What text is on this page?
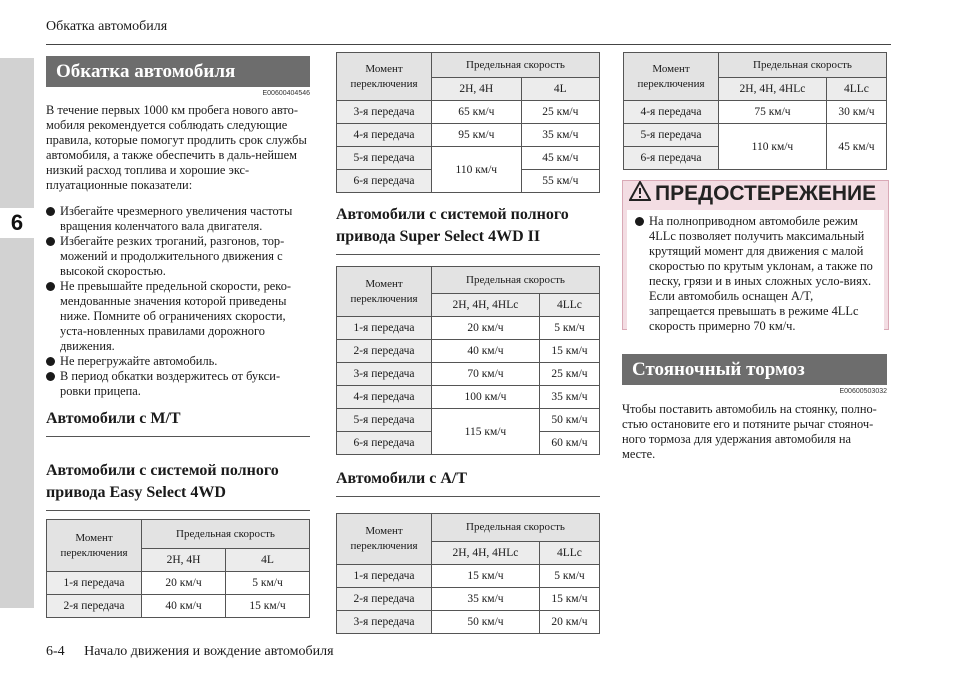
Обкатка автомобиля
6
Обкатка автомобиля
E00600404546
В течение первых 1000 км пробега нового авто-мобиля рекомендуется соблюдать следующие правила, которые помогут продлить срок службы автомобиля, а также обеспечить в даль-нейшем низкий расход топлива и хорошие экс-плуатационные показатели:
Избегайте чрезмерного увеличения частоты вращения коленчатого вала двигателя.
Избегайте резких троганий, разгонов, тор-можений и продолжительного движения с высокой скоростью.
Не превышайте предельной скорости, реко-мендованные значения которой приведены ниже. Помните об ограничениях скорости, уста-новленных правилами дорожного движения.
Не перегружайте автомобиль.
В период обкатки воздержитесь от букси-ровки прицепа.
Автомобили с M/T
Автомобили с системой полного привода Easy Select 4WD
Момент переключения	Предельная скорость	
	2H, 4H	4L
1-я передача	20 км/ч	5 км/ч
2-я передача	40 км/ч	15 км/ч
Момент переключения	Предельная скорость	
	2H, 4H	4L
3-я передача	65 км/ч	25 км/ч
4-я передача	95 км/ч	35 км/ч
5-я передача	110 км/ч	45 км/ч
6-я передача		55 км/ч
Автомобили с системой полного привода Super Select 4WD II
Момент переключения	Предельная скорость	
	2H, 4H, 4HLc	4LLc
1-я передача	20 км/ч	5 км/ч
2-я передача	40 км/ч	15 км/ч
3-я передача	70 км/ч	25 км/ч
4-я передача	100 км/ч	35 км/ч
5-я передача	115 км/ч	50 км/ч
6-я передача		60 км/ч
Автомобили с A/T
Момент переключения	Предельная скорость	
	2H, 4H, 4HLc	4LLc
1-я передача	15 км/ч	5 км/ч
2-я передача	35 км/ч	15 км/ч
3-я передача	50 км/ч	20 км/ч
Момент переключения	Предельная скорость	
	2H, 4H, 4HLc	4LLc
4-я передача	75 км/ч	30 км/ч
5-я передача	110 км/ч	45 км/ч
6-я передача		
ПРЕДОСТЕРЕЖЕНИЕ
На полноприводном автомобиле режим 4LLc позволяет получить максимальный крутящий момент для движения с малой скоростью по крутым уклонам, а также по песку, грязи и в иных сложных усло-виях. Если автомобиль оснащен A/T, запрещается превышать в режиме 4LLc скорость примерно 70 км/ч.
Стояночный тормоз
E00600503032
Чтобы поставить автомобиль на стоянку, полно-стью остановите его и потяните рычаг стояноч-ного тормоза для удержания автомобиля на месте.
6-4 Начало движения и вождение автомобиля
